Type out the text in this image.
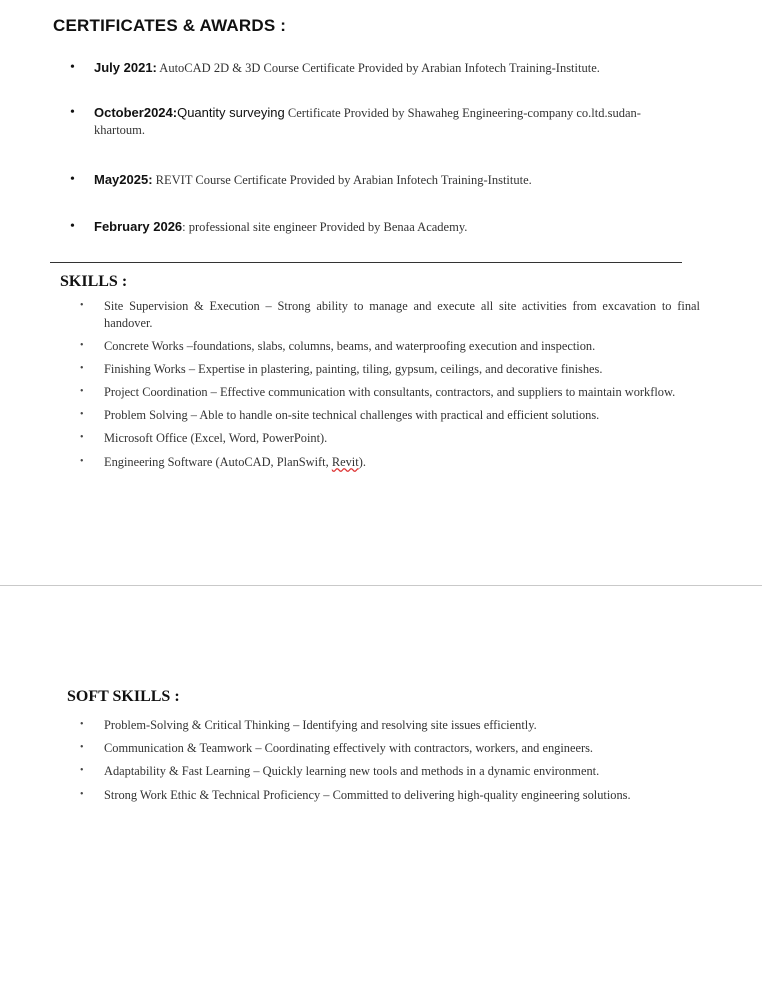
CERTIFICATES & AWARDS :
• July 2021: AutoCAD 2D & 3D Course Certificate Provided by Arabian Infotech Training-Institute.
• October2024:Quantity surveying Certificate Provided by Shawaheg Engineering-company co.ltd.sudan-
khartoum.
• May2025: REVIT Course Certificate Provided by Arabian Infotech Training-Institute.
• February 2026: professional site engineer Provided by Benaa Academy.
SKILLS :
• Site Supervision & Execution – Strong ability to manage and execute all site activities from excavation to final handover.
• Concrete Works –foundations, slabs, columns, beams, and waterproofing execution and inspection.
• Finishing Works – Expertise in plastering, painting, tiling, gypsum, ceilings, and decorative finishes.
• Project Coordination – Effective communication with consultants, contractors, and suppliers to maintain workflow.
• Problem Solving – Able to handle on-site technical challenges with practical and efficient solutions.
• Microsoft Office (Excel, Word, PowerPoint).
• Engineering Software (AutoCAD, PlanSwift, Revit).
SOFT SKILLS :
• Problem-Solving & Critical Thinking – Identifying and resolving site issues efficiently.
• Communication & Teamwork – Coordinating effectively with contractors, workers, and engineers.
• Adaptability & Fast Learning – Quickly learning new tools and methods in a dynamic environment.
• Strong Work Ethic & Technical Proficiency – Committed to delivering high-quality engineering solutions.
